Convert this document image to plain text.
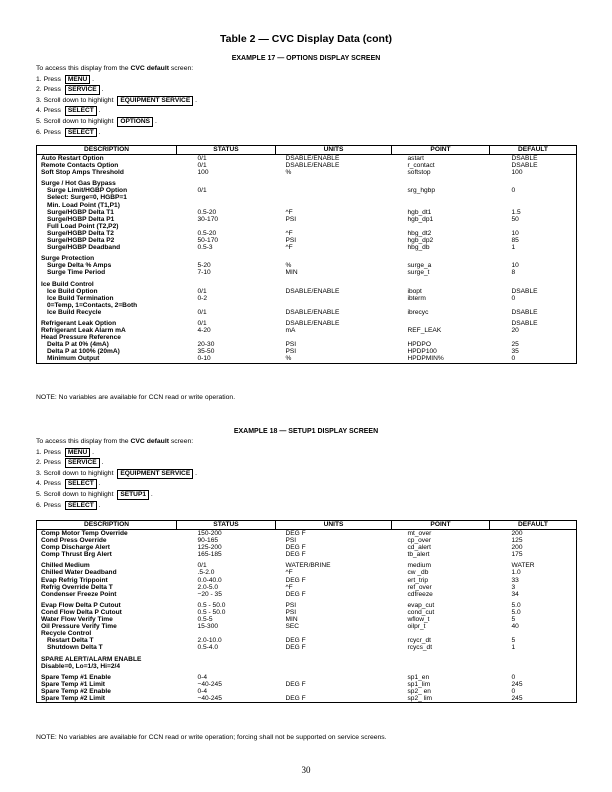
Table 2 — CVC Display Data (cont)
EXAMPLE 17 — OPTIONS DISPLAY SCREEN
To access this display from the CVC default screen:
1. Press MENU .
2. Press SERVICE .
3. Scroll down to highlight EQUIPMENT SERVICE .
4. Press SELECT .
5. Scroll down to highlight OPTIONS .
6. Press SELECT .
DESCRIPTION	STATUS	UNITS	POINT	DEFAULT
Auto Restart Option	0/1	DSABLE/ENABLE	astart	DSABLE
Remote Contacts Option	0/1	DSABLE/ENABLE	r_contact	DSABLE
Soft Stop Amps Threshold	100	%	softstop	100
Surge / Hot Gas Bypass				
Surge Limit/HGBP Option	0/1		srg_hgbp	0
Select: Surge=0, HGBP=1				
Min. Load Point (T1,P1)				
Surge/HGBP Delta T1	0.5-20	^F	hgb_dt1	1.5
Surge/HGBP Delta P1	30-170	PSI	hgb_dp1	50
Full Load Point (T2,P2)				
Surge/HGBP Delta T2	0.5-20	^F	hbg_dt2	10
Surge/HGBP Delta P2	50-170	PSI	hgb_dp2	85
Surge/HGBP Deadband	0.5-3	^F	hbg_db	1
Surge Protection				
Surge Delta % Amps	5-20	%	surge_a	10
Surge Time Period	7-10	MIN	surge_t	8
Ice Build Control				
Ice Build Option	0/1	DSABLE/ENABLE	ibopt	DSABLE
Ice Build Termination	0-2		ibterm	0
0=Temp, 1=Contacts, 2=Both				
Ice Build Recycle	0/1	DSABLE/ENABLE	ibrecyc	DSABLE
Refrigerant Leak Option	0/1	DSABLE/ENABLE		DSABLE
Refrigerant Leak Alarm mA	4-20	mA	REF_LEAK	20
Head Pressure Reference				
Delta P at 0% (4mA)	20-30	PSI	HPDPO	25
Delta P at 100% (20mA)	35-50	PSI	HPDP100	35
Minimum Output	0-10	%	HPDPMIN%	0
NOTE: No variables are available for CCN read or write operation.
EXAMPLE 18 — SETUP1 DISPLAY SCREEN
To access this display from the CVC default screen:
1. Press MENU .
2. Press SERVICE .
3. Scroll down to highlight EQUIPMENT SERVICE .
4. Press SELECT .
5. Scroll down to highlight SETUP1 .
6. Press SELECT .
DESCRIPTION	STATUS	UNITS	POINT	DEFAULT
Comp Motor Temp Override	150-200	DEG F	mt_over	200
Cond Press Override	90-165	PSI	cp_over	125
Comp Discharge Alert	125-200	DEG F	cd_alert	200
Comp Thrust Brg Alert	165-185	DEG F	tb_alert	175
Chilled Medium	0/1	WATER/BRINE	medium	WATER
Chilled Water Deadband	.5-2.0	^F	cw _db	1.0
Evap Refrig Trippoint	0.0-40.0	DEG F	ert_trip	33
Refrig Override Delta T	2.0-5.0	^F	ref_over	3
Condenser Freeze Point	−20 - 35	DEG F	cdfreeze	34
Evap Flow Delta P Cutout	0.5 - 50.0	PSI	evap_cut	5.0
Cond Flow Delta P Cutout	0.5 - 50.0	PSI	cond_cut	5.0
Water Flow Verify Time	0.5-5	MIN	wflow_t	5
Oil Pressure Verify Time	15-300	SEC	oilpr_t	40
Recycle Control				
Restart Delta T	2.0-10.0	DEG F	rcycr_dt	5
Shutdown Delta T	0.5-4.0	DEG F	rcycs_dt	1
SPARE ALERT/ALARM ENABLE				
Disable=0, Lo=1/3, Hi=2/4				
Spare Temp #1 Enable	0-4		sp1_en	0
Spare Temp #1 Limit	−40-245	DEG F	sp1_lim	245
Spare Temp #2 Enable	0-4		sp2_ en	0
Spare Temp #2 Limit	−40-245	DEG F	sp2_ lim	245
NOTE: No variables are available for CCN read or write operation; forcing shall not be supported on service screens.
30
